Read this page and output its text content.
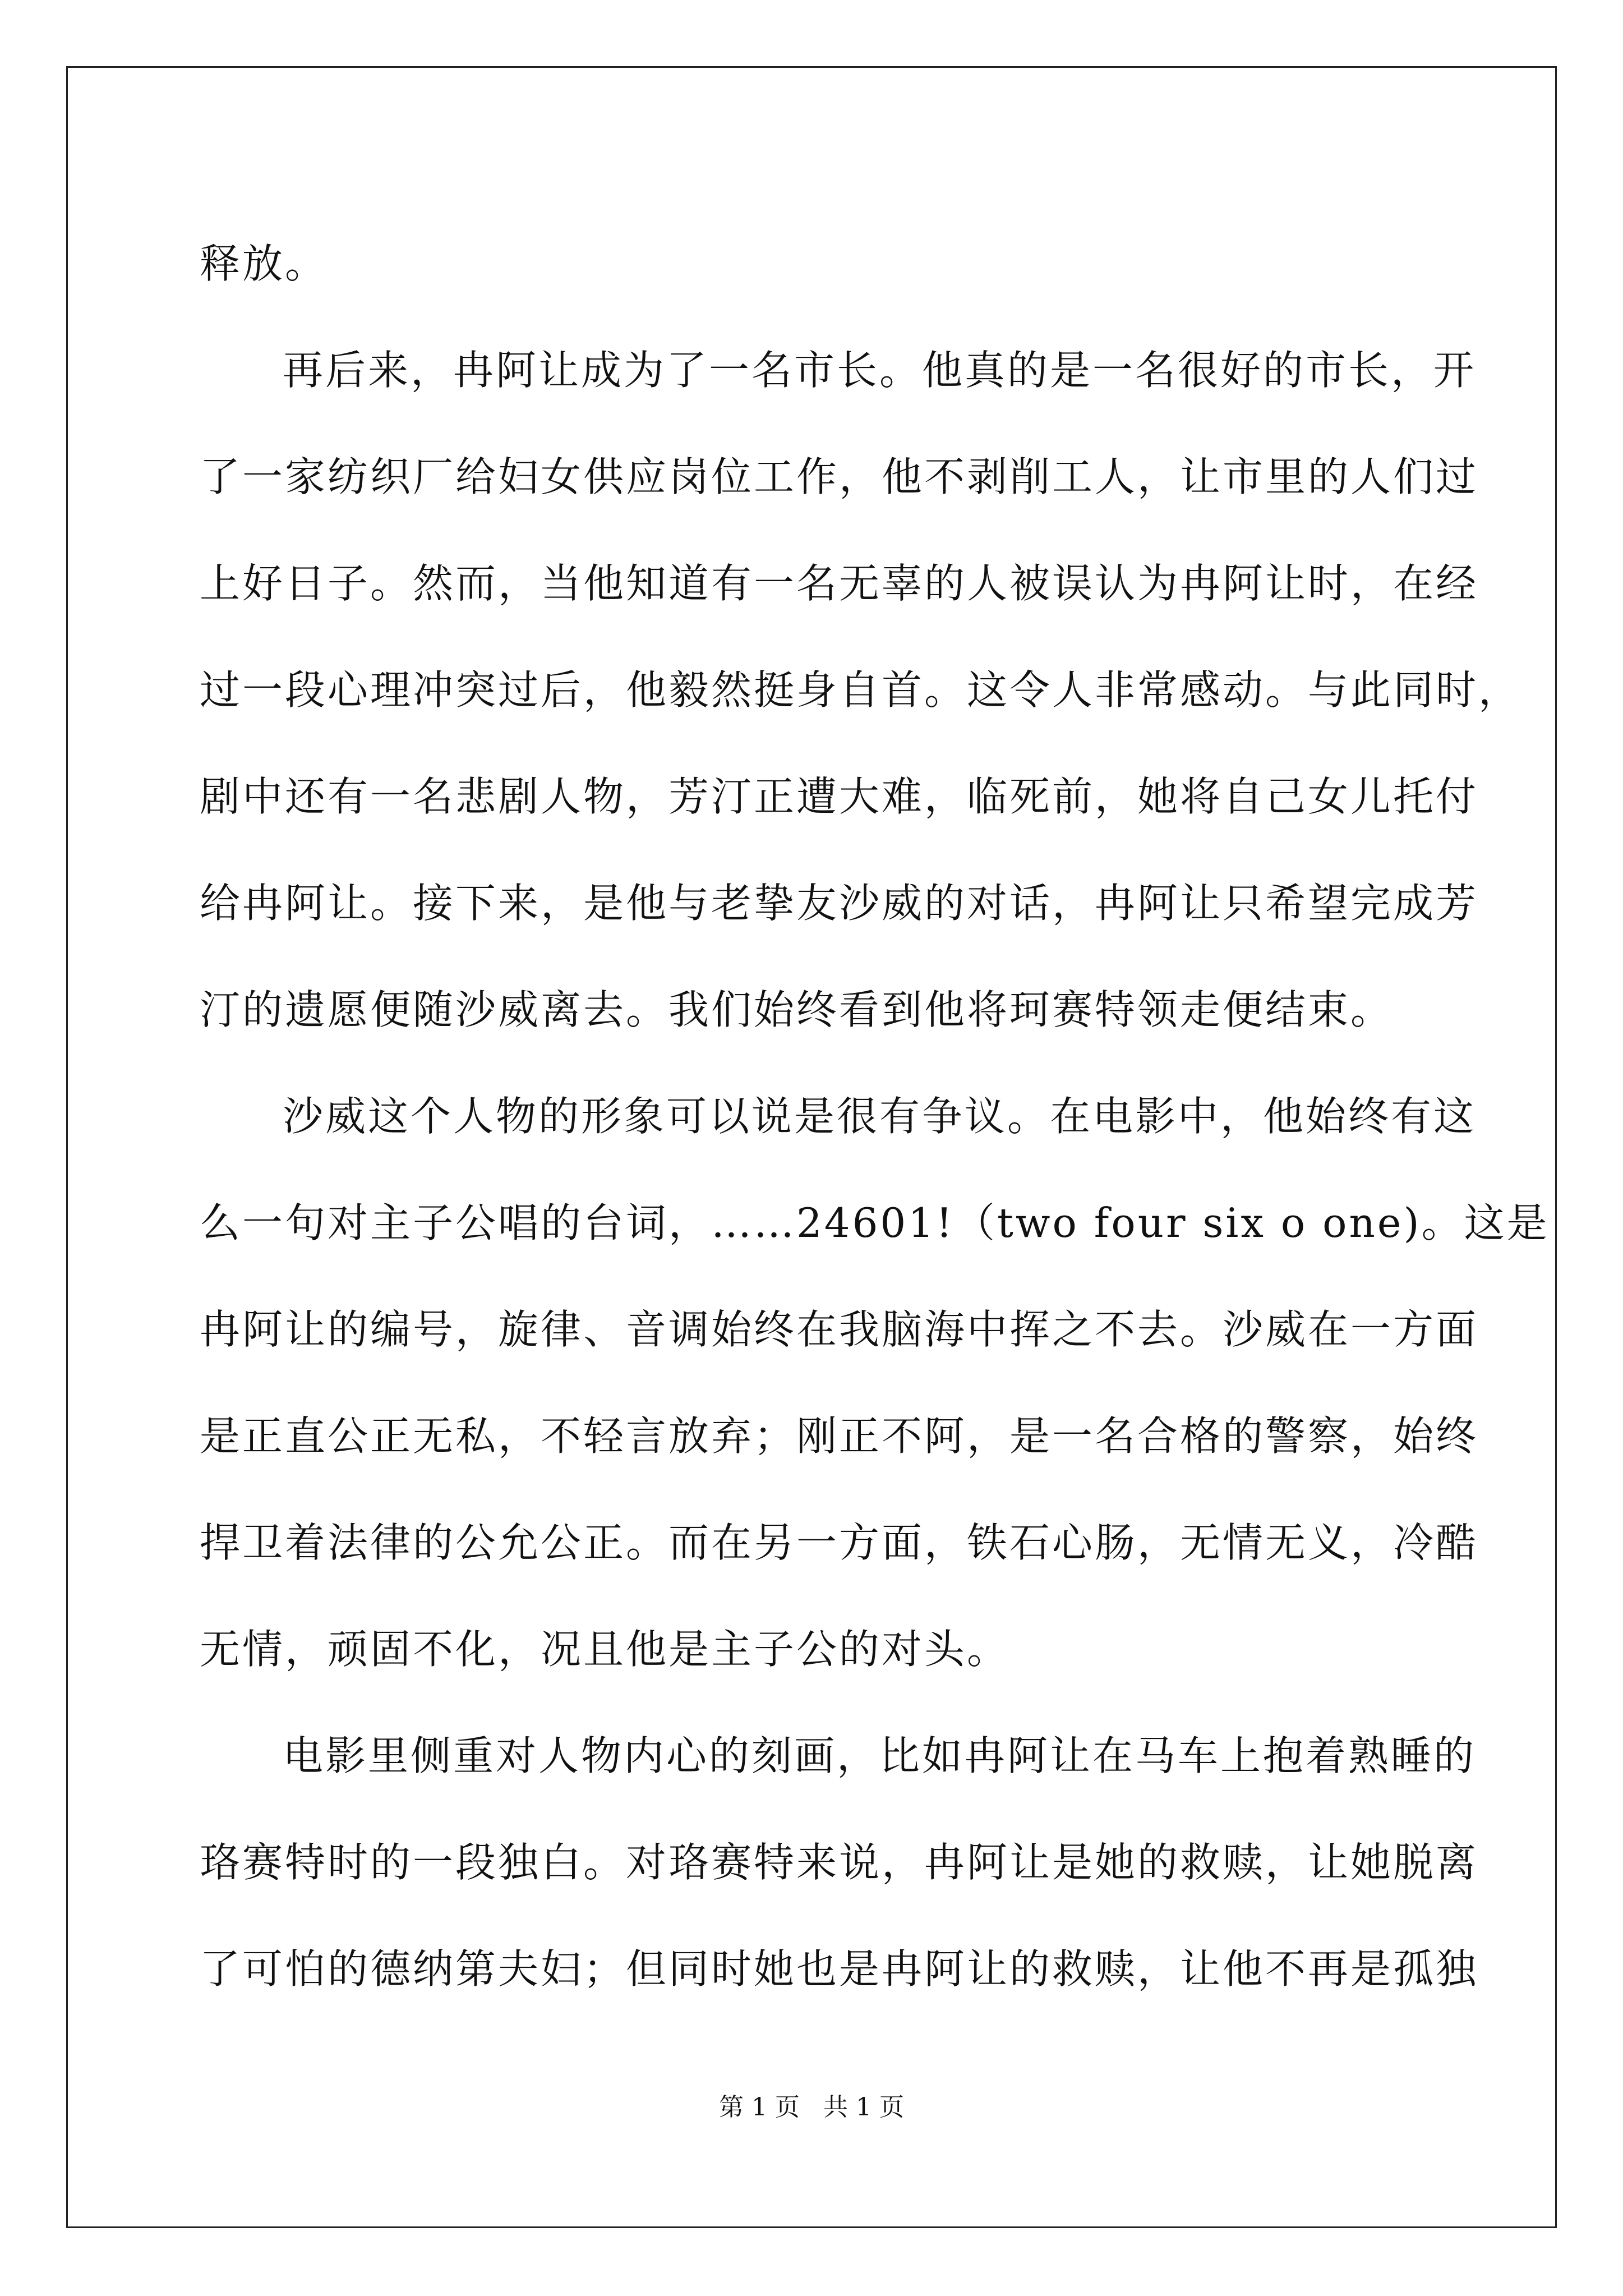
释放。
再后来，冉阿让成为了一名市长。他真的是一名很好的市长，开
了一家纺织厂给妇女供应岗位工作，他不剥削工人，让市里的人们过
上好日子。然而，当他知道有一名无辜的人被误认为冉阿让时，在经
过一段心理冲突过后，他毅然挺身自首。这令人非常感动。与此同时，
剧中还有一名悲剧人物，芳汀正遭大难，临死前，她将自己女儿托付
给冉阿让。接下来，是他与老挚友沙威的对话，冉阿让只希望完成芳
汀的遗愿便随沙威离去。我们始终看到他将珂赛特领走便结束。
沙威这个人物的形象可以说是很有争议。在电影中，他始终有这
么一句对主子公唱的台词，……24601!（two four six o one)。这是
冉阿让的编号，旋律、音调始终在我脑海中挥之不去。沙威在一方面
是正直公正无私，不轻言放弃；刚正不阿，是一名合格的警察，始终
捍卫着法律的公允公正。而在另一方面，铁石心肠，无情无义，冷酷
无情，顽固不化，况且他是主子公的对头。
电影里侧重对人物内心的刻画，比如冉阿让在马车上抱着熟睡的
珞赛特时的一段独白。对珞赛特来说，冉阿让是她的救赎，让她脱离
了可怕的德纳第夫妇；但同时她也是冉阿让的救赎，让他不再是孤独
第 1 页 共 1 页
